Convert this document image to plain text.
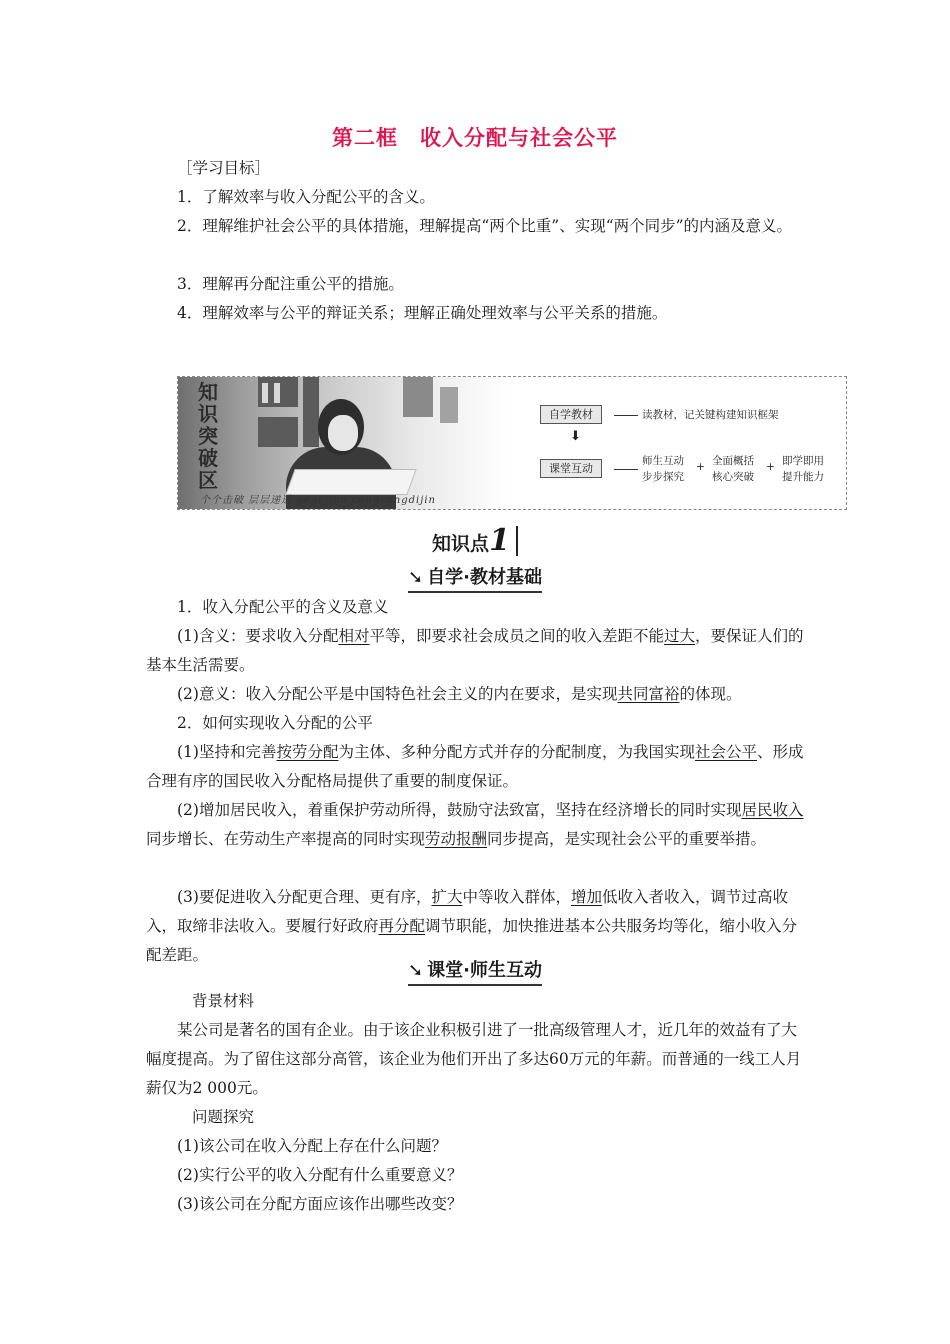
第二框　收入分配与社会公平
［学习目标］
1．了解效率与收入分配公平的含义。
2．理解维护社会公平的具体措施，理解提高“两个比重”、实现“两个同步”的内涵及意义。
3．理解再分配注重公平的措施。
4．理解效率与公平的辩证关系；理解正确处理效率与公平关系的措施。
知
识
突
破
区
个个击破 层层递进 gegejipo cengcengdijin
自学教材	读教材，记关键构建知识框架
⬇
课堂互动
师生互动
步步探究
+ 全面概括
核心突破
+ 即学即用
提升能力
知识点1
➘ 自学·教材基础
1．收入分配公平的含义及意义
(1)含义：要求收入分配相对平等，即要求社会成员之间的收入差距不能过大，要保证人们的基本生活需要。
(2)意义：收入分配公平是中国特色社会主义的内在要求，是实现共同富裕的体现。
2．如何实现收入分配的公平
(1)坚持和完善按劳分配为主体、多种分配方式并存的分配制度，为我国实现社会公平、形成合理有序的国民收入分配格局提供了重要的制度保证。
(2)增加居民收入，着重保护劳动所得，鼓励守法致富，坚持在经济增长的同时实现居民收入同步增长、在劳动生产率提高的同时实现劳动报酬同步提高，是实现社会公平的重要举措。
(3)要促进收入分配更合理、更有序，扩大中等收入群体，增加低收入者收入，调节过高收入，取缔非法收入。要履行好政府再分配调节职能，加快推进基本公共服务均等化，缩小收入分配差距。
➘ 课堂·师生互动
背景材料
某公司是著名的国有企业。由于该企业积极引进了一批高级管理人才，近几年的效益有了大幅度提高。为了留住这部分高管，该企业为他们开出了多达60万元的年薪。而普通的一线工人月薪仅为2 000元。
问题探究
(1)该公司在收入分配上存在什么问题？
(2)实行公平的收入分配有什么重要意义？
(3)该公司在分配方面应该作出哪些改变？
